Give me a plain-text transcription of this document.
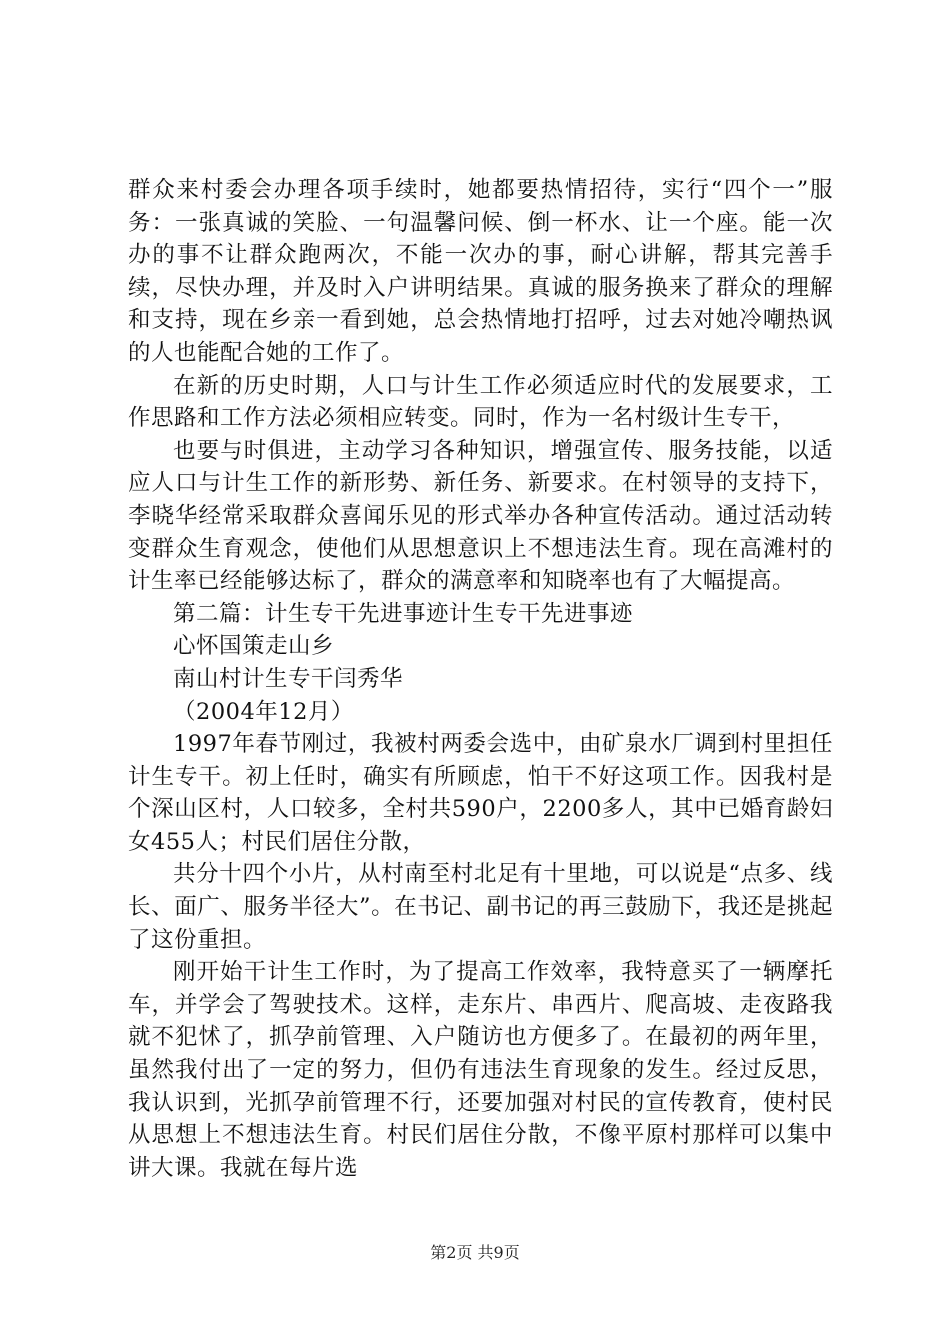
群众来村委会办理各项手续时，她都要热情招待，实行“四个一”服务：一张真诚的笑脸、一句温馨问候、倒一杯水、让一个座。能一次办的事不让群众跑两次，不能一次办的事，耐心讲解，帮其完善手续，尽快办理，并及时入户讲明结果。真诚的服务换来了群众的理解和支持，现在乡亲一看到她，总会热情地打招呼，过去对她冷嘲热讽的人也能配合她的工作了。

在新的历史时期，人口与计生工作必须适应时代的发展要求，工作思路和工作方法必须相应转变。同时，作为一名村级计生专干，

也要与时俱进，主动学习各种知识，增强宣传、服务技能，以适应人口与计生工作的新形势、新任务、新要求。在村领导的支持下，李晓华经常采取群众喜闻乐见的形式举办各种宣传活动。通过活动转变群众生育观念，使他们从思想意识上不想违法生育。现在高滩村的计生率已经能够达标了，群众的满意率和知晓率也有了大幅提高。

第二篇：计生专干先进事迹计生专干先进事迹

心怀国策走山乡

南山村计生专干闫秀华

（2004年12月）

1997年春节刚过，我被村两委会选中，由矿泉水厂调到村里担任计生专干。初上任时，确实有所顾虑，怕干不好这项工作。因我村是个深山区村，人口较多，全村共590户，2200多人，其中已婚育龄妇女455人；村民们居住分散，

共分十四个小片，从村南至村北足有十里地，可以说是“点多、线长、面广、服务半径大”。在书记、副书记的再三鼓励下，我还是挑起了这份重担。

刚开始干计生工作时，为了提高工作效率，我特意买了一辆摩托车，并学会了驾驶技术。这样，走东片、串西片、爬高坡、走夜路我就不犯怵了，抓孕前管理、入户随访也方便多了。在最初的两年里，虽然我付出了一定的努力，但仍有违法生育现象的发生。经过反思，我认识到，光抓孕前管理不行，还要加强对村民的宣传教育，使村民从思想上不想违法生育。村民们居住分散，不像平原村那样可以集中讲大课。我就在每片选

第2页 共9页
